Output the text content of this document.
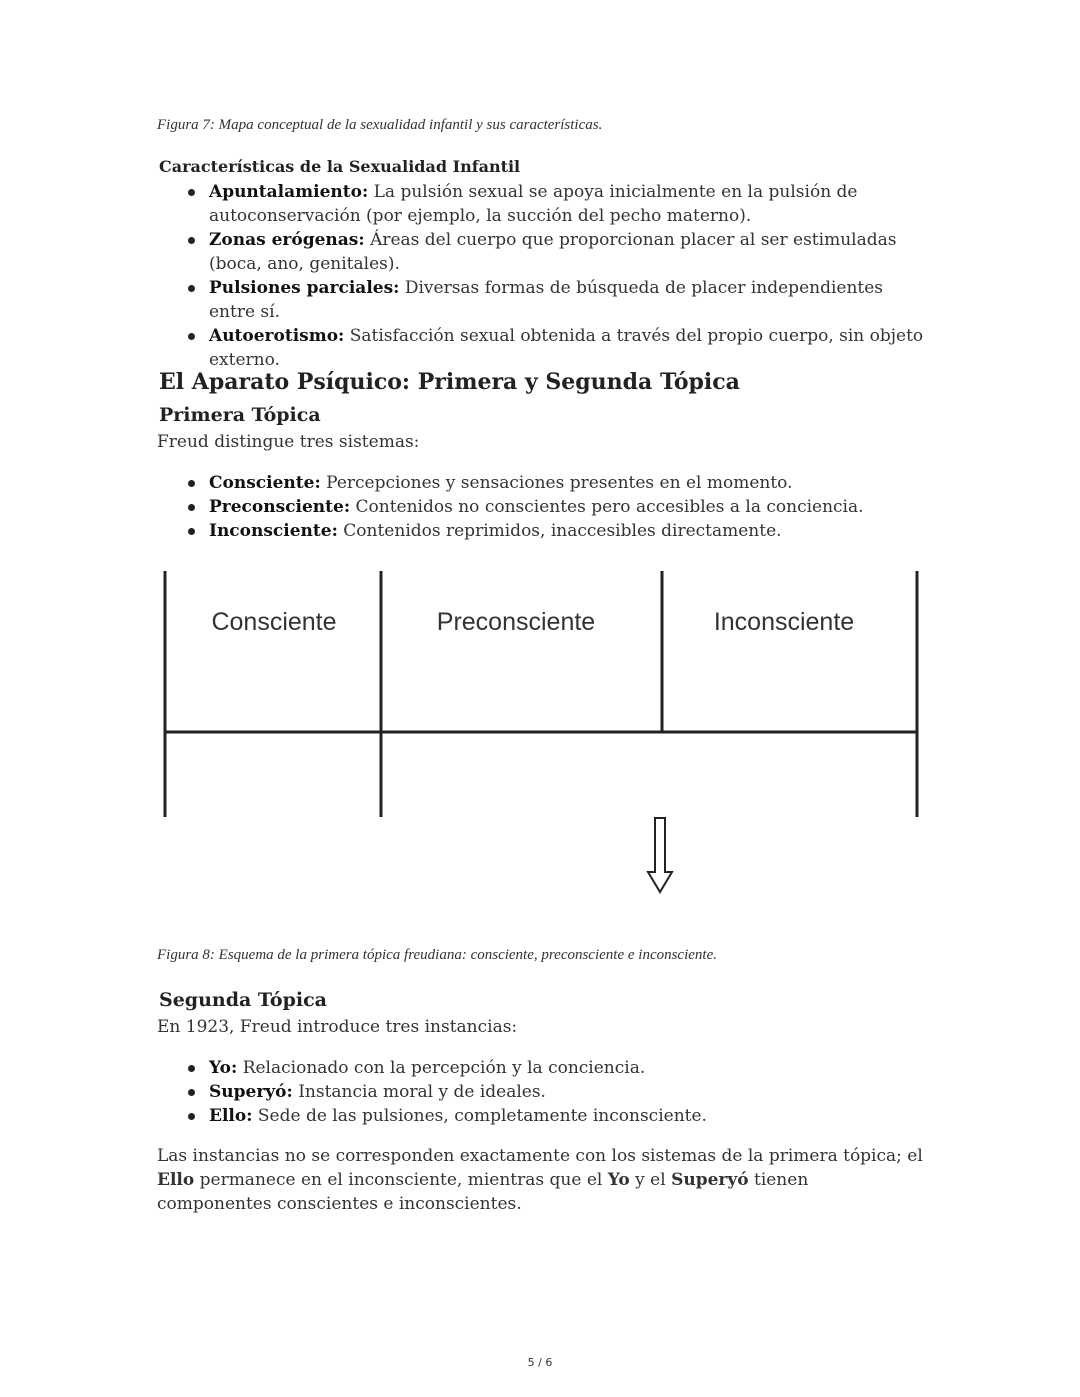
Figura 7: Mapa conceptual de la sexualidad infantil y sus características.
Características de la Sexualidad Infantil
Apuntalamiento: La pulsión sexual se apoya inicialmente en la pulsión de autoconservación (por ejemplo, la succión del pecho materno).
Zonas erógenas: Áreas del cuerpo que proporcionan placer al ser estimuladas (boca, ano, genitales).
Pulsiones parciales: Diversas formas de búsqueda de placer independientes entre sí.
Autoerotismo: Satisfacción sexual obtenida a través del propio cuerpo, sin objeto externo.
El Aparato Psíquico: Primera y Segunda Tópica
Primera Tópica

Freud distingue tres sistemas:

Consciente: Percepciones y sensaciones presentes en el momento.
Preconsciente: Contenidos no conscientes pero accesibles a la conciencia.
Inconsciente: Contenidos reprimidos, inaccesibles directamente.
Consciente	Preconsciente	Inconsciente
Figura 8: Esquema de la primera tópica freudiana: consciente, preconsciente e inconsciente.
Segunda Tópica

En 1923, Freud introduce tres instancias:

Yo: Relacionado con la percepción y la conciencia.
Superyó: Instancia moral y de ideales.
Ello: Sede de las pulsiones, completamente inconsciente.

Las instancias no se corresponden exactamente con los sistemas de la primera tópica; el Ello permanece en el inconsciente, mientras que el Yo y el Superyó tienen componentes conscientes e inconscientes.

5 / 6
